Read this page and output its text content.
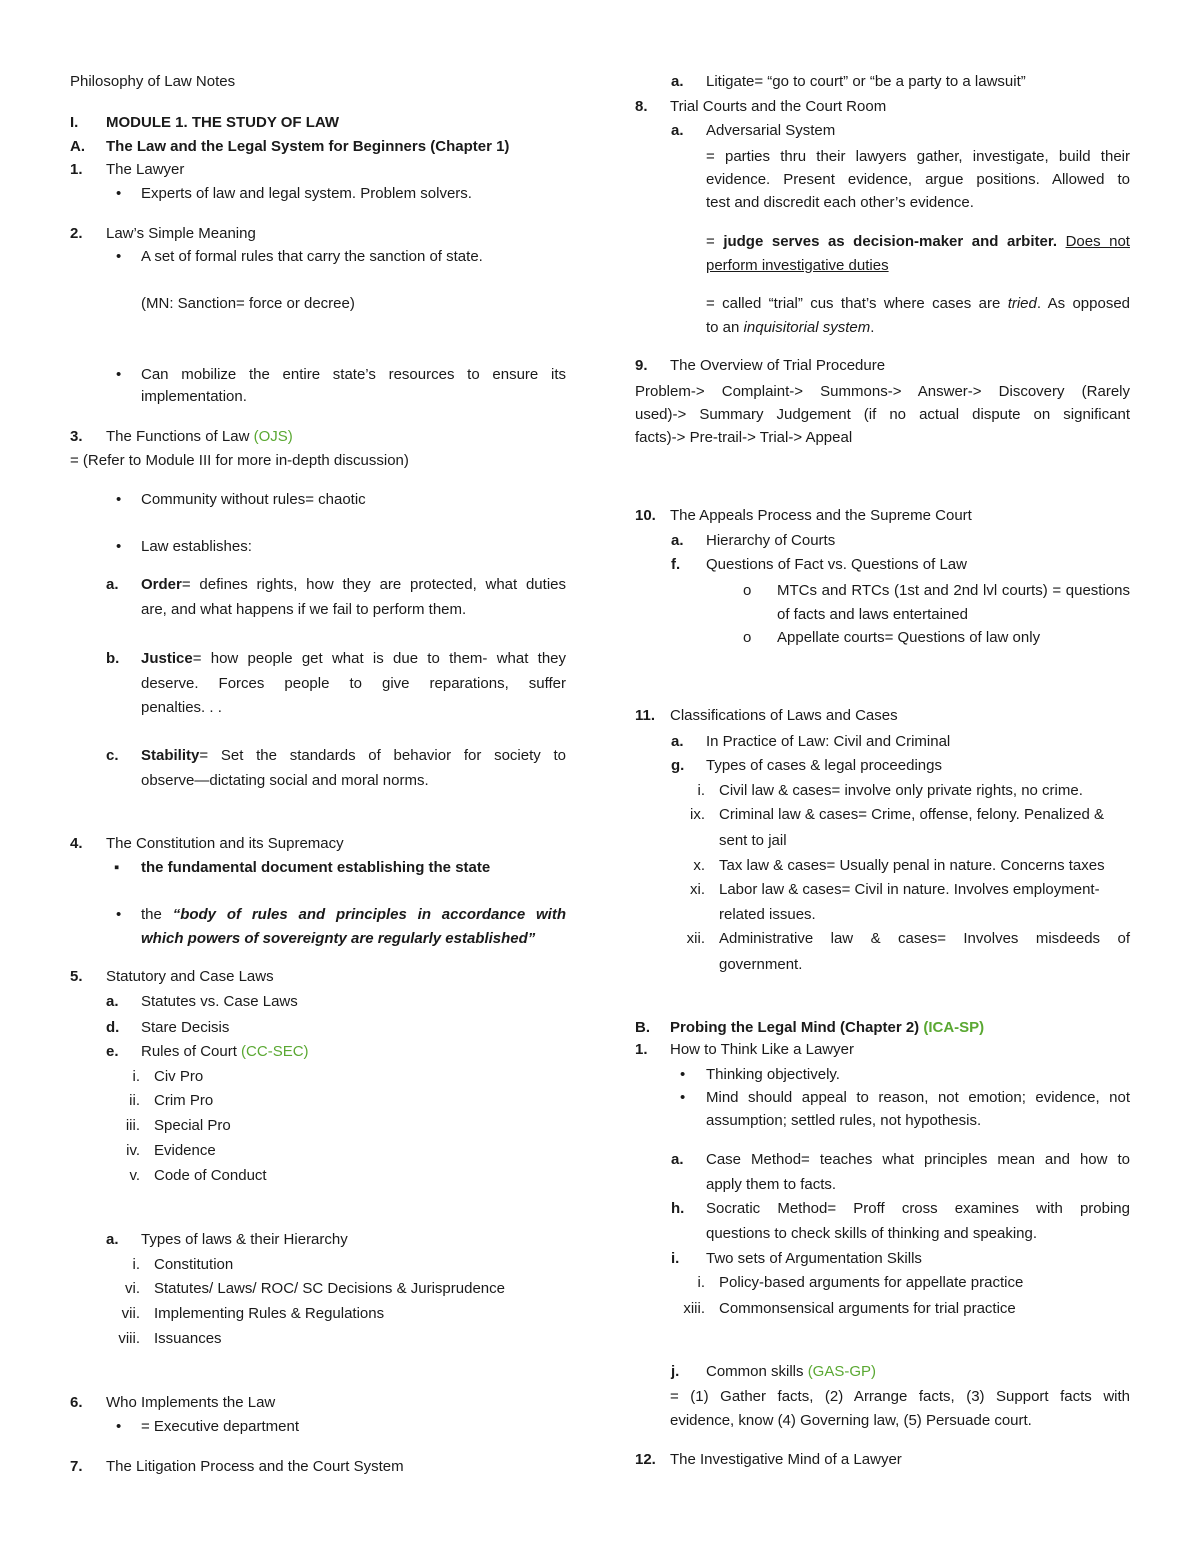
Philosophy of Law Notes
I. MODULE 1. THE STUDY OF LAW
A. The Law and the Legal System for Beginners (Chapter 1)
1. The Lawyer
• Experts of law and legal system. Problem solvers.
2. Law’s Simple Meaning
• A set of formal rules that carry the sanction of state.
(MN: Sanction= force or decree)
• Can mobilize the entire state’s resources to ensure its
implementation.
3. The Functions of Law (OJS)
= (Refer to Module III for more in-depth discussion)
• Community without rules= chaotic
• Law establishes:
a. Order= defines rights, how they are protected, what duties
are, and what happens if we fail to perform them.
b. Justice= how people get what is due to them- what they
deserve. Forces people to give reparations, suffer
penalties. . .
c. Stability= Set the standards of behavior for society to
observe—dictating social and moral norms.
4. The Constitution and its Supremacy
▪ the fundamental document establishing the state
• the “body of rules and principles in accordance with
which powers of sovereignty are regularly established”
5. Statutory and Case Laws
a. Statutes vs. Case Laws
d. Stare Decisis
e. Rules of Court (CC-SEC)
i. Civ Pro
ii. Crim Pro
iii. Special Pro
iv. Evidence
v. Code of Conduct
a. Types of laws & their Hierarchy
i. Constitution
vi. Statutes/ Laws/ ROC/ SC Decisions & Jurisprudence
vii. Implementing Rules & Regulations
viii. Issuances
6. Who Implements the Law
• = Executive department
7. The Litigation Process and the Court System
a. Litigate= “go to court” or “be a party to a lawsuit”
8. Trial Courts and the Court Room
a. Adversarial System
= parties thru their lawyers gather, investigate, build their
evidence. Present evidence, argue positions. Allowed to
test and discredit each other’s evidence.
= judge serves as decision-maker and arbiter. Does not
perform investigative duties
= called “trial” cus that’s where cases are tried. As opposed
to an inquisitorial system.
9. The Overview of Trial Procedure
Problem-> Complaint-> Summons-> Answer-> Discovery (Rarely
used)-> Summary Judgement (if no actual dispute on significant
facts)-> Pre-trail-> Trial-> Appeal
10. The Appeals Process and the Supreme Court
a. Hierarchy of Courts
f. Questions of Fact vs. Questions of Law
o MTCs and RTCs (1st and 2nd lvl courts) = questions
of facts and laws entertained
o Appellate courts= Questions of law only
11. Classifications of Laws and Cases
a. In Practice of Law: Civil and Criminal
g. Types of cases & legal proceedings
i. Civil law & cases= involve only private rights, no crime.
ix. Criminal law & cases= Crime, offense, felony. Penalized &
sent to jail
x. Tax law & cases= Usually penal in nature. Concerns taxes
xi. Labor law & cases= Civil in nature. Involves employment-
related issues.
xii. Administrative law & cases= Involves misdeeds of
government.
B. Probing the Legal Mind (Chapter 2) (ICA-SP)
1. How to Think Like a Lawyer
• Thinking objectively.
• Mind should appeal to reason, not emotion; evidence, not
assumption; settled rules, not hypothesis.
a. Case Method= teaches what principles mean and how to
apply them to facts.
h. Socratic Method= Proff cross examines with probing
questions to check skills of thinking and speaking.
i. Two sets of Argumentation Skills
i. Policy-based arguments for appellate practice
xiii. Commonsensical arguments for trial practice
j. Common skills (GAS-GP)
= (1) Gather facts, (2) Arrange facts, (3) Support facts with
evidence, know (4) Governing law, (5) Persuade court.
12. The Investigative Mind of a Lawyer
